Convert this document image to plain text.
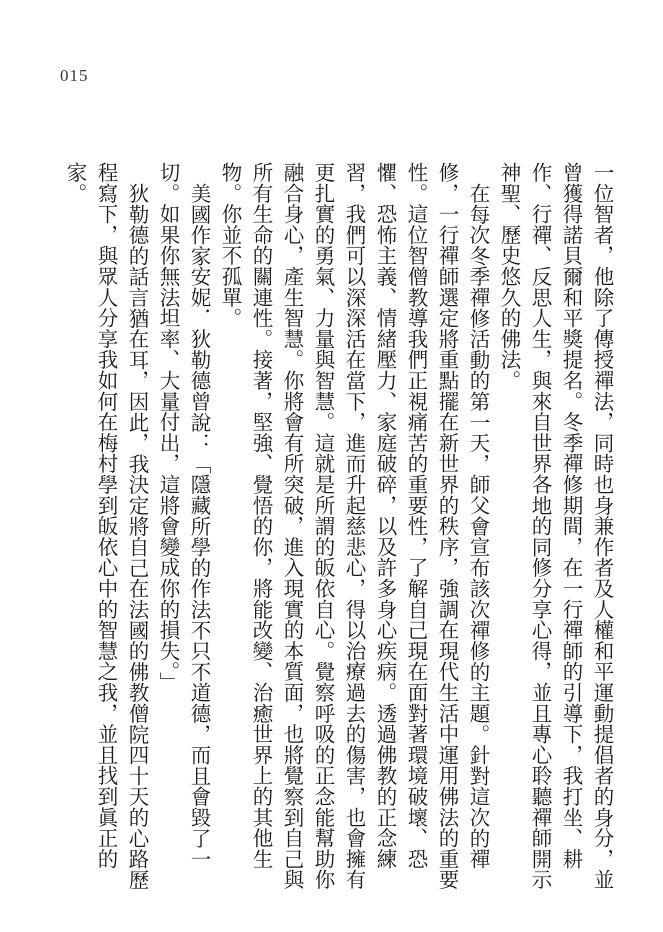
015

一位智者，他除了傳授禪法，同時也身兼作者及人權和平運動提倡者的身分，並曾獲得諾貝爾和平獎提名。冬季禪修期間，在一行禪師的引導下，我打坐、耕作、行禪、反思人生，與來自世界各地的同修分享心得，並且專心聆聽禪師開示神聖、歷史悠久的佛法。

在每次冬季禪修活動的第一天，師父會宣布該次禪修的主題。針對這次的禪修，一行禪師選定將重點擺在新世界的秩序，強調在現代生活中運用佛法的重要性。這位智僧教導我們正視痛苦的重要性，了解自己現在面對著環境破壞、恐懼、恐怖主義、情緒壓力、家庭破碎，以及許多身心疾病。透過佛教的正念練習，我們可以深深活在當下，進而升起慈悲心，得以治療過去的傷害，也會擁有更扎實的勇氣、力量與智慧。這就是所謂的皈依自心。覺察呼吸的正念能幫助你融合身心，產生智慧。你將會有所突破，進入現實的本質面，也將覺察到自己與所有生命的關連性。接著，堅強、覺悟的你，將能改變、治癒世界上的其他生物。你並不孤單。

美國作家安妮．狄勒德曾說：「隱藏所學的作法不只不道德，而且會毀了一切。如果你無法坦率、大量付出，這將會變成你的損失。」

狄勒德的話言猶在耳，因此，我決定將自己在法國的佛教僧院四十天的心路歷程寫下，與眾人分享我如何在梅村學到皈依心中的智慧之我，並且找到眞正的家。
